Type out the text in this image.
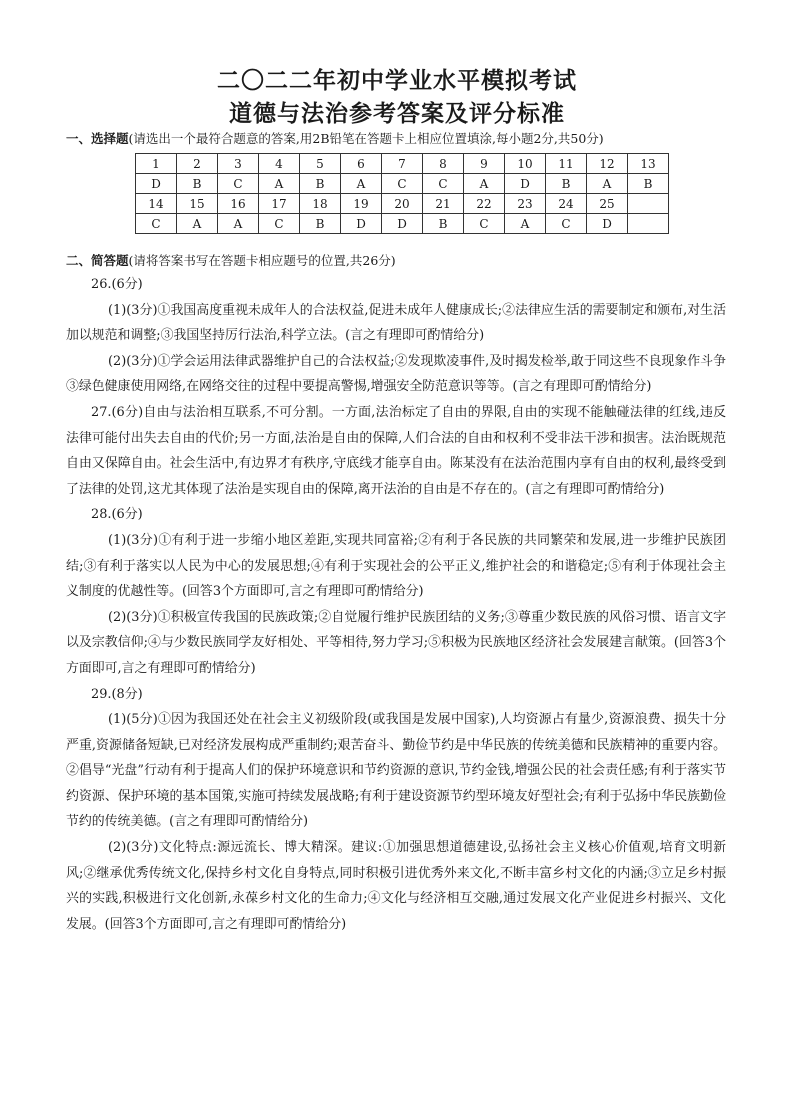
二〇二二年初中学业水平模拟考试
道德与法治参考答案及评分标准
一、选择题(请选出一个最符合题意的答案,用2B铅笔在答题卡上相应位置填涂,每小题2分,共50分)
1	2	3	4	5	6	7	8	9	10	11	12	13
D	B	C	A	B	A	C	C	A	D	B	A	B
14	15	16	17	18	19	20	21	22	23	24	25	
C	A	A	C	B	D	D	B	C	A	C	D	
二、简答题(请将答案书写在答题卡相应题号的位置,共26分)

26.(6分)

(1)(3分)①我国高度重视未成年人的合法权益,促进未成年人健康成长;②法律应生活的需要制定和颁布,对生活加以规范和调整;③我国坚持厉行法治,科学立法。(言之有理即可酌情给分)

(2)(3分)①学会运用法律武器维护自己的合法权益;②发现欺凌事件,及时揭发检举,敢于同这些不良现象作斗争③绿色健康使用网络,在网络交往的过程中要提高警惕,增强安全防范意识等等。(言之有理即可酌情给分)

27.(6分)自由与法治相互联系,不可分割。一方面,法治标定了自由的界限,自由的实现不能触碰法律的红线,违反法律可能付出失去自由的代价;另一方面,法治是自由的保障,人们合法的自由和权利不受非法干涉和损害。法治既规范自由又保障自由。社会生活中,有边界才有秩序,守底线才能享自由。陈某没有在法治范围内享有自由的权利,最终受到了法律的处罚,这尤其体现了法治是实现自由的保障,离开法治的自由是不存在的。(言之有理即可酌情给分)

28.(6分)

(1)(3分)①有利于进一步缩小地区差距,实现共同富裕;②有利于各民族的共同繁荣和发展,进一步维护民族团结;③有利于落实以人民为中心的发展思想;④有利于实现社会的公平正义,维护社会的和谐稳定;⑤有利于体现社会主义制度的优越性等。(回答3个方面即可,言之有理即可酌情给分)

(2)(3分)①积极宣传我国的民族政策;②自觉履行维护民族团结的义务;③尊重少数民族的风俗习惯、语言文字以及宗教信仰;④与少数民族同学友好相处、平等相待,努力学习;⑤积极为民族地区经济社会发展建言献策。(回答3个方面即可,言之有理即可酌情给分)

29.(8分)

(1)(5分)①因为我国还处在社会主义初级阶段(或我国是发展中国家),人均资源占有量少,资源浪费、损失十分严重,资源储备短缺,已对经济发展构成严重制约;艰苦奋斗、勤俭节约是中华民族的传统美德和民族精神的重要内容。②倡导“光盘”行动有利于提高人们的保护环境意识和节约资源的意识,节约金钱,增强公民的社会责任感;有利于落实节约资源、保护环境的基本国策,实施可持续发展战略;有利于建设资源节约型环境友好型社会;有利于弘扬中华民族勤俭节约的传统美德。(言之有理即可酌情给分)

(2)(3分)文化特点:源远流长、博大精深。建议:①加强思想道德建设,弘扬社会主义核心价值观,培育文明新风;②继承优秀传统文化,保持乡村文化自身特点,同时积极引进优秀外来文化,不断丰富乡村文化的内涵;③立足乡村振兴的实践,积极进行文化创新,永葆乡村文化的生命力;④文化与经济相互交融,通过发展文化产业促进乡村振兴、文化发展。(回答3个方面即可,言之有理即可酌情给分)
